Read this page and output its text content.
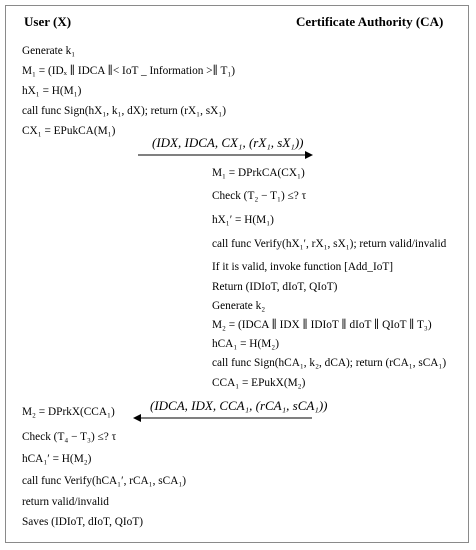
User (X)	Certificate Authority (CA)
Generate k₁
M₁ = (IDₓ ∥ IDCA ∥< IoT _ Information >∥ T₁)
hX₁ = H(M₁)
call func Sign(hX₁, k₁, dX); return (rX₁, sX₁)
CX₁ = EPukCA(M₁)
(IDX, IDCA, CX₁, (rX₁, sX₁))
M₁ = DPrkCA(CX₁)
Check (T₂ − T₁) ≤? τ
hX₁′ = H(M₁)
call func Verify(hX₁′, rX₁, sX₁); return valid/invalid
If it is valid, invoke function [Add_IoT]
Return (IDIoT, dIoT, QIoT)
Generate k₂
M₂ = (IDCA ∥ IDX ∥ IDIoT ∥ dIoT ∥ QIoT ∥ T₃)
hCA₁ = H(M₂)
call func Sign(hCA₁, k₂, dCA); return (rCA₁, sCA₁)
CCA₁ = EPukX(M₂)
(IDCA, IDX, CCA₁, (rCA₁, sCA₁))
M₂ = DPrkX(CCA₁)
Check (T₄ − T₃) ≤? τ
hCA₁′ = H(M₂)
call func Verify(hCA₁′, rCA₁, sCA₁)
return valid/invalid
Saves (IDIoT, dIoT, QIoT)
